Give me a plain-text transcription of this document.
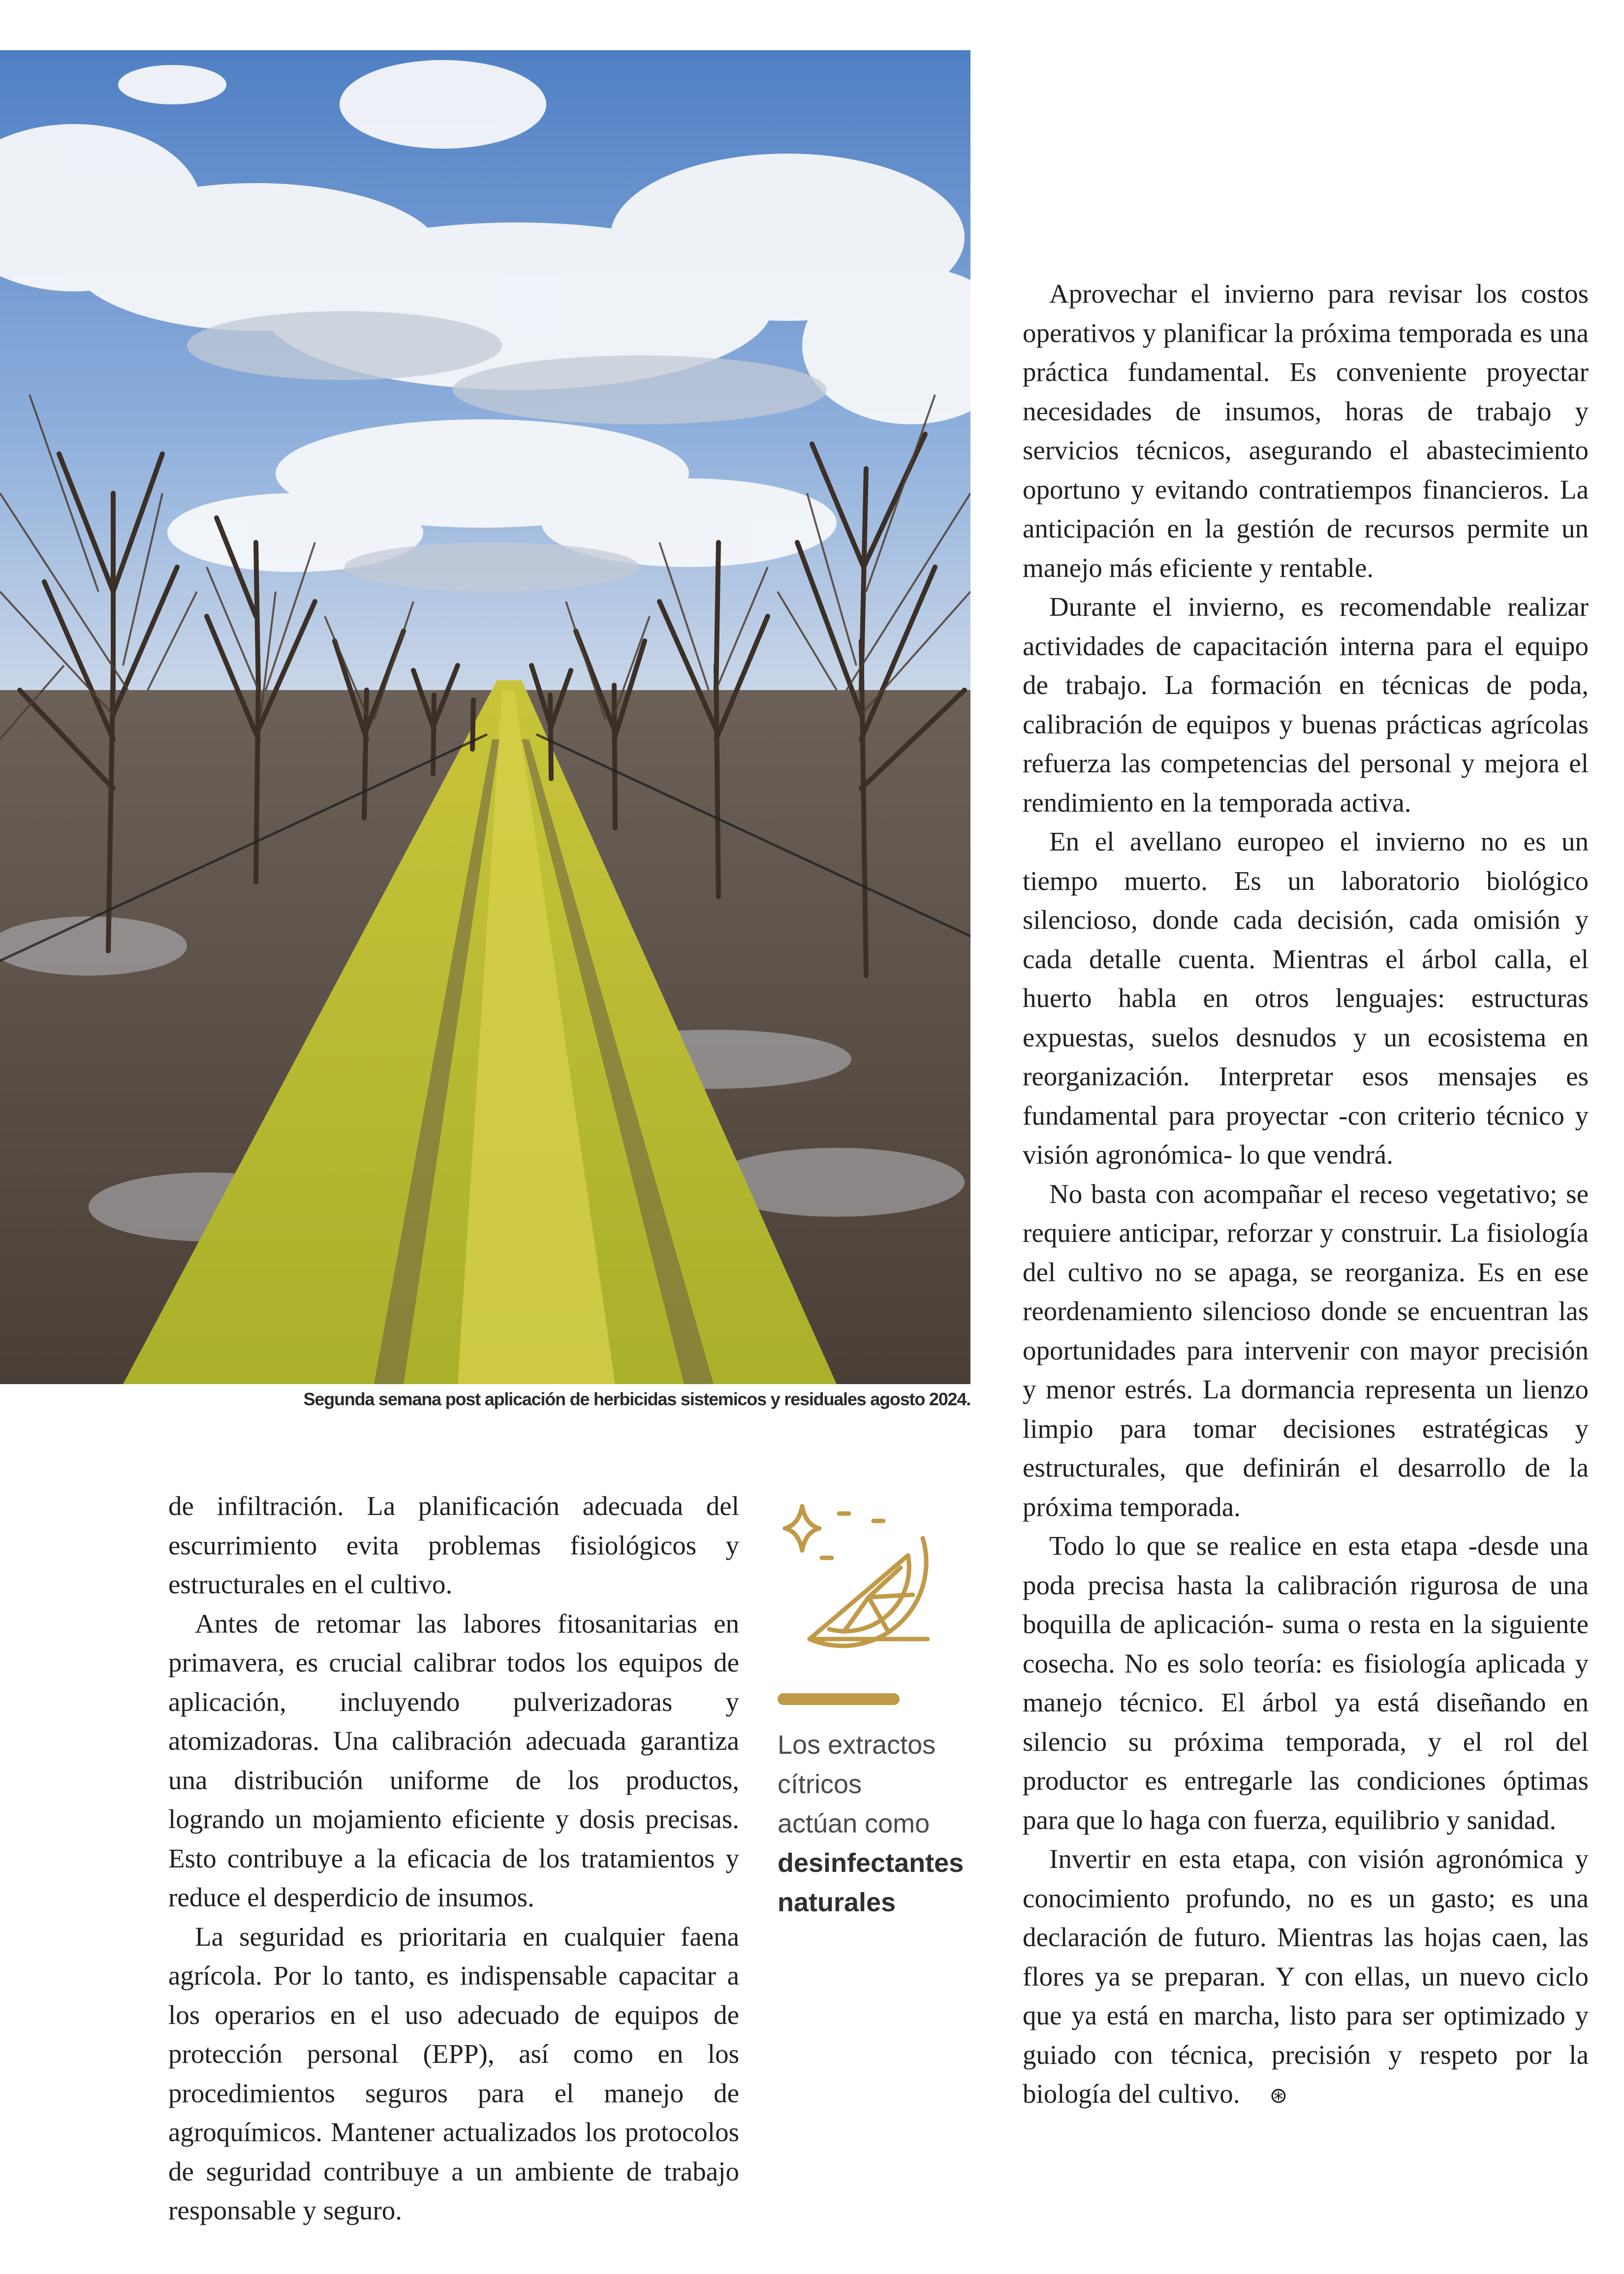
Segunda semana post aplicación de herbicidas sistemicos y residuales agosto 2024.

de infiltración. La planificación adecuada del escurrimiento evita problemas fisiológicos y estructurales en el cultivo.

Antes de retomar las labores fitosanitarias en primavera, es crucial calibrar todos los equipos de aplicación, incluyendo pulverizadoras y atomizadoras. Una calibración adecuada garantiza una distribución uniforme de los productos, logrando un mojamiento eficiente y dosis precisas. Esto contribuye a la eficacia de los tratamientos y reduce el desperdicio de insumos.

La seguridad es prioritaria en cualquier faena agrícola. Por lo tanto, es indispensable capacitar a los operarios en el uso adecuado de equipos de protección personal (EPP), así como en los procedimientos seguros para el manejo de agroquímicos. Mantener actualizados los protocolos de seguridad contribuye a un ambiente de trabajo responsable y seguro.

Los extractos
cítricos
actúan como
desinfectantes
naturales

Aprovechar el invierno para revisar los costos operativos y planificar la próxima temporada es una práctica fundamental. Es conveniente proyectar necesidades de insumos, horas de trabajo y servicios técnicos, asegurando el abastecimiento oportuno y evitando contratiempos financieros. La anticipación en la gestión de recursos permite un manejo más eficiente y rentable.

Durante el invierno, es recomendable realizar actividades de capacitación interna para el equipo de trabajo. La formación en técnicas de poda, calibración de equipos y buenas prácticas agrícolas refuerza las competencias del personal y mejora el rendimiento en la temporada activa.

En el avellano europeo el invierno no es un tiempo muerto. Es un laboratorio biológico silencioso, donde cada decisión, cada omisión y cada detalle cuenta. Mientras el árbol calla, el huerto habla en otros lenguajes: estructuras expuestas, suelos desnudos y un ecosistema en reorganización. Interpretar esos mensajes es fundamental para proyectar -con criterio técnico y visión agronómica- lo que vendrá.

No basta con acompañar el receso vegetativo; se requiere anticipar, reforzar y construir. La fisiología del cultivo no se apaga, se reorganiza. Es en ese reordenamiento silencioso donde se encuentran las oportunidades para intervenir con mayor precisión y menor estrés. La dormancia representa un lienzo limpio para tomar decisiones estratégicas y estructurales, que definirán el desarrollo de la próxima temporada.

Todo lo que se realice en esta etapa -desde una poda precisa hasta la calibración rigurosa de una boquilla de aplicación- suma o resta en la siguiente cosecha. No es solo teoría: es fisiología aplicada y manejo técnico. El árbol ya está diseñando en silencio su próxima temporada, y el rol del productor es entregarle las condiciones óptimas para que lo haga con fuerza, equilibrio y sanidad.

Invertir en esta etapa, con visión agronómica y conocimiento profundo, no es un gasto; es una declaración de futuro. Mientras las hojas caen, las flores ya se preparan. Y con ellas, un nuevo ciclo que ya está en marcha, listo para ser optimizado y guiado con técnica, precisión y respeto por la biología del cultivo. ⊛
